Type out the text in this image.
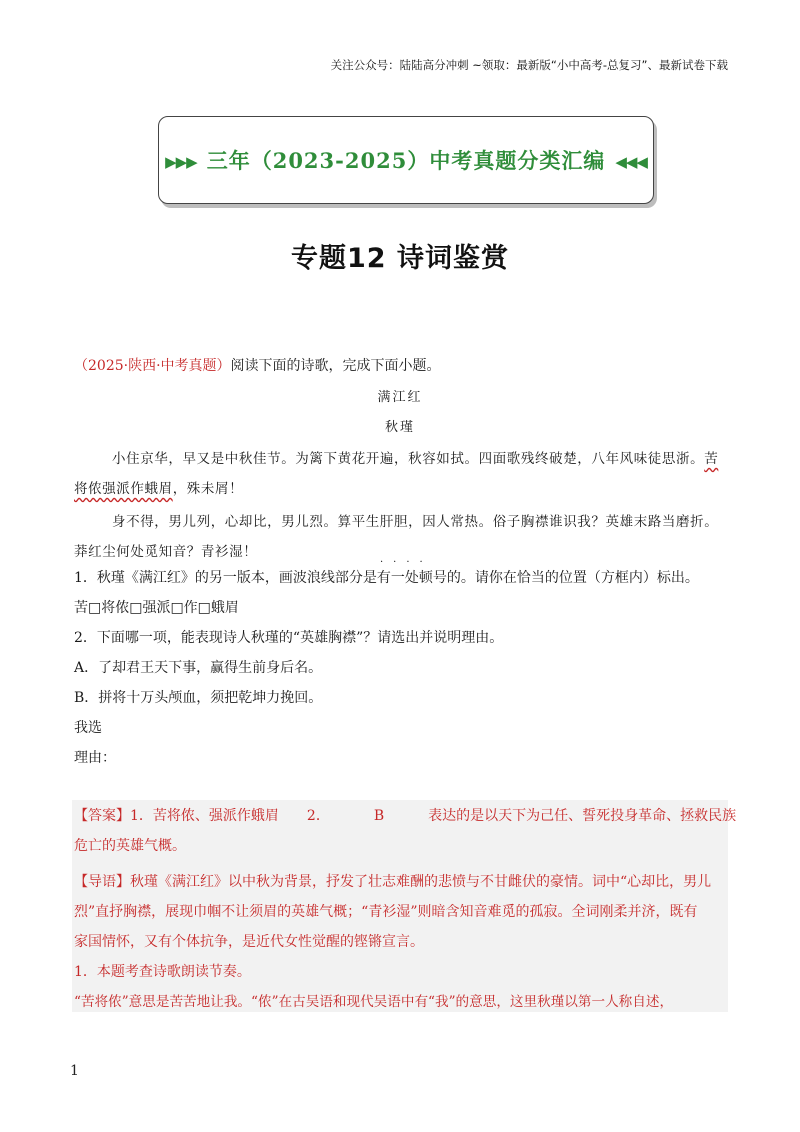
关注公众号：陆陆高分冲刺 ~领取：最新版“小中高考-总复习”、最新试卷下载
▶▶▶ 三年（2023-2025）中考真题分类汇编 ◀◀◀
专题12 诗词鉴赏
（2025·陕西·中考真题）阅读下面的诗歌，完成下面小题。
满江红
秋瑾
小住京华，早又是中秋佳节。为篱下黄花开遍，秋容如拭。四面歌残终破楚，八年风味徒思浙。苦
将侬强派作蛾眉，殊未屑！
身不得，男儿列，心却比，男儿烈。算平生肝胆，因人常热。俗子胸襟谁识我？英雄末路当磨折。
莽红尘何处觅知音？青衫湿！
····
1．秋瑾《满江红》的另一版本，画波浪线部分是有一处顿号的。请你在恰当的位置（方框内）标出。
苦□将侬□强派□作□蛾眉
2．下面哪一项，能表现诗人秋瑾的“英雄胸襟”？请选出并说明理由。
A．了却君王天下事，赢得生前身后名。
B．拼将十万头颅血，须把乾坤力挽回。
我选
理由：
【答案】1．苦将侬、强派作蛾眉 2．	B	表达的是以天下为己任、誓死投身革命、拯救民族
危亡的英雄气概。
【导语】秋瑾《满江红》以中秋为背景，抒发了壮志难酬的悲愤与不甘雌伏的豪情。词中“心却比，男儿
烈”直抒胸襟，展现巾帼不让须眉的英雄气概；“青衫湿”则暗含知音难觅的孤寂。全词刚柔并济，既有
家国情怀，又有个体抗争，是近代女性觉醒的铿锵宣言。
1．本题考查诗歌朗读节奏。
“苦将侬”意思是苦苦地让我。“侬”在古吴语和现代吴语中有“我”的意思，这里秋瑾以第一人称自述，
1
